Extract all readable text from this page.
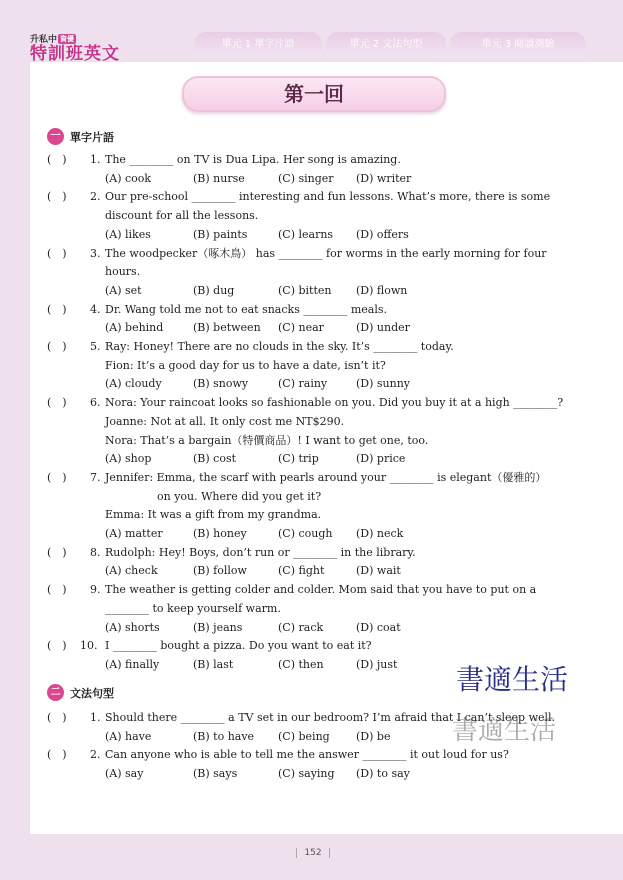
升私中 資優
特訓班英文	單元 1 單字片語	單元 2 文法句型	單元 3 閱讀測驗
第一回
一 單字片語
二 文法句型
(　) 1. The ________ on TV is Dua Lipa. Her song is amazing.
(A) cook	(B) nurse	(C) singer (D) writer
(　) 2. Our pre-school ________ interesting and fun lessons. What’s more, there is some
discount for all the lessons.
(A) likes	(B) paints	(C) learns (D) offers
(　) 3. The woodpecker（啄木鳥） has ________ for worms in the early morning for four
hours.
(A) set	(B) dug	(C) bitten (D) flown
(　) 4. Dr. Wang told me not to eat snacks ________ meals.
(A) behind	(B) between (C) near	(D) under
(　) 5. Ray: Honey! There are no clouds in the sky. It’s ________ today.
Fion: It’s a good day for us to have a date, isn’t it?
(A) cloudy	(B) snowy	(C) rainy	(D) sunny
(　) 6. Nora: Your raincoat looks so fashionable on you. Did you buy it at a high ________?
Joanne: Not at all. It only cost me NT$290.
Nora: That’s a bargain（特價商品）! I want to get one, too.
(A) shop	(B) cost	(C) trip	(D) price
(　) 7. Jennifer: Emma, the scarf with pearls around your ________ is elegant（優雅的）
on you. Where did you get it?
Emma: It was a gift from my grandma.
(A) matter	(B) honey	(C) cough (D) neck
(　) 8. Rudolph: Hey! Boys, don’t run or ________ in the library.
(A) check	(B) follow	(C) fight	(D) wait
(　) 9. The weather is getting colder and colder. Mom said that you have to put on a
________ to keep yourself warm.
(A) shorts	(B) jeans	(C) rack	(D) coat
(　) 10. I ________ bought a pizza. Do you want to eat it?
(A) finally	(B) last	(C) then	(D) just
(　) 1. Should there ________ a TV set in our bedroom? I’m afraid that I can’t sleep well.
(A) have	(B) to have (C) being (D) be
(　) 2. Can anyone who is able to tell me the answer ________ it out loud for us?
(A) say	(B) says	(C) saying (D) to say
書適生活
書適生活
152
